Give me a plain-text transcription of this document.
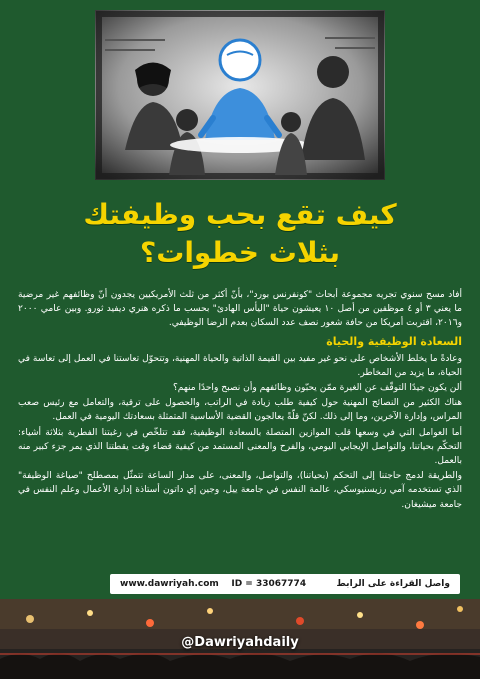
كيف تقع بحب وظيفتك
بثلاث خطوات؟

أفاد مسح سنوي تجريه مجموعة أبحاث "كونفرنس بورد"، بأنّ أكثر من ثلث الأمريكيين يجدون أنّ وظائفهم غير مرضية ما يعني ٣ أو ٤ موظفين من أصل ١٠ يعيشون حياة "اليأس الهادئ" بحسب ما ذكره هنري ديفيد ثورو. وبين عامي ٢٠٠٠ و٢٠١٦، اقتربت أمريكا من حافة شعور نصف عدد السكان بعدم الرضا الوظيفي.

السعادة الوظيفية والحياة

وعادةً ما يخلط الأشخاص على نحو غير مفيد بين القيمة الذاتية والحياة المهنية، وتتحوّل تعاستنا في العمل إلى تعاسة في الحياة، ما يزيد من المخاطر.

ألن يكون جيدًا التوقّف عن الغيرة ممّن يحبّون وظائفهم وأن نصبح واحدًا منهم؟

هناك الكثير من النصائح المهنية حول كيفية طلب زيادة في الراتب، والحصول على ترقية، والتعامل مع رئيس صعب المراس، وإدارة الآخرين، وما إلى ذلك. لكنّ قلّةً يعالجون القضية الأساسية المتمثلة بسعادتك اليومية في العمل.

أما العوامل التي في وسعها قلب الموازين المتصلة بالسعادة الوظيفية، فقد تتلخّص في رغبتنا الفطرية بثلاثة أشياء: التحكّم بحياتنا، والتواصل الإيجابي اليومي، والفرح والمعنى المستمد من كيفية قضاء وقت يقطتنا الذي يمر جزء كبير منه بالعمل.

والطريقة لدمج حاجتنا إلى التحكم (بحياتنا)، والتواصل، والمعنى، على مدار الساعة تتمثّل بمصطلح "صياغة الوظيفة" الذي تستخدمه آمي رزيسنيوسكي، عالمة النفس في جامعة ييل، وجين إي داتون أستاذة إدارة الأعمال وعلم النفس في جامعة ميشيغان.

www.dawriyah.com ID = 33067774	واصل القراءة على الرابط
@Dawriyahdaily
